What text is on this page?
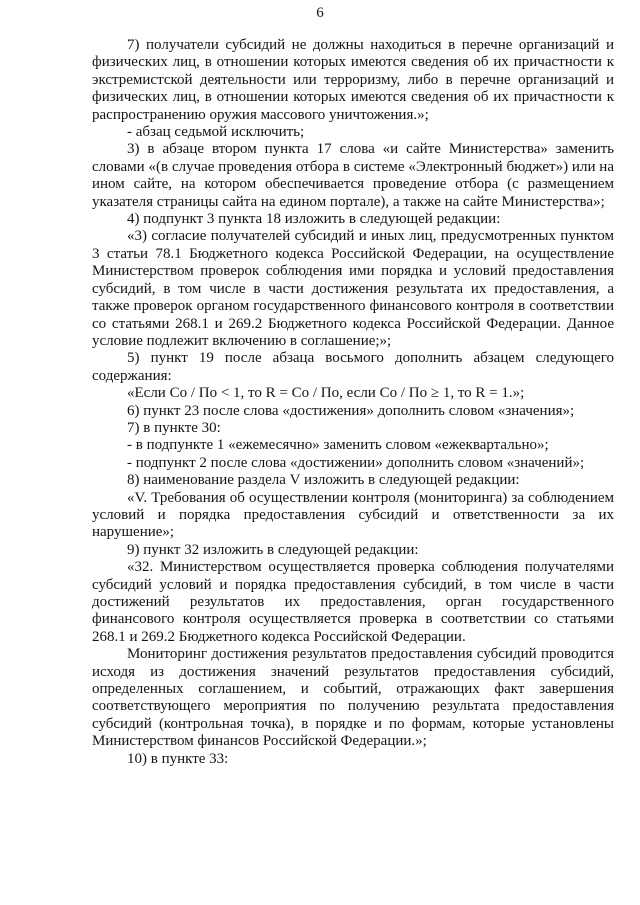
6

7) получатели субсидий не должны находиться в перечне организаций и физических лиц, в отношении которых имеются сведения об их причастности к экстремистской деятельности или терроризму, либо в перечне организаций и физических лиц, в отношении которых имеются сведения об их причастности к распространению оружия массового уничтожения.»;

- абзац седьмой исключить;

3) в абзаце втором пункта 17 слова «и сайте Министерства» заменить словами «(в случае проведения отбора в системе «Электронный бюджет») или на ином сайте, на котором обеспечивается проведение отбора (с размещением указателя страницы сайта на едином портале), а также на сайте Министерства»;

4) подпункт 3 пункта 18 изложить в следующей редакции:

«3) согласие получателей субсидий и иных лиц, предусмотренных пунктом 3 статьи 78.1 Бюджетного кодекса Российской Федерации, на осуществление Министерством проверок соблюдения ими порядка и условий предоставления субсидий, в том числе в части достижения результата их предоставления, а также проверок органом государственного финансового контроля в соответствии со статьями 268.1 и 269.2 Бюджетного кодекса Российской Федерации. Данное условие подлежит включению в соглашение;»;

5) пункт 19 после абзаца восьмого дополнить абзацем следующего содержания:

«Если Со / По < 1, то R = Со / По, если Со / По ≥ 1, то R = 1.»;

6) пункт 23 после слова «достижения» дополнить словом «значения»;

7) в пункте 30:

- в подпункте 1 «ежемесячно» заменить словом «ежеквартально»;

- подпункт 2 после слова «достижении» дополнить словом «значений»;

8) наименование раздела V изложить в следующей редакции:

«V. Требования об осуществлении контроля (мониторинга) за соблюдением условий и порядка предоставления субсидий и ответственности за их нарушение»;

9) пункт 32 изложить в следующей редакции:

«32. Министерством осуществляется проверка соблюдения получателями субсидий условий и порядка предоставления субсидий, в том числе в части достижений результатов их предоставления, орган государственного финансового контроля осуществляется проверка в соответствии со статьями 268.1 и 269.2 Бюджетного кодекса Российской Федерации.

Мониторинг достижения результатов предоставления субсидий проводится исходя из достижения значений результатов предоставления субсидий, определенных соглашением, и событий, отражающих факт завершения соответствующего мероприятия по получению результата предоставления субсидий (контрольная точка), в порядке и по формам, которые установлены Министерством финансов Российской Федерации.»;

10) в пункте 33:
